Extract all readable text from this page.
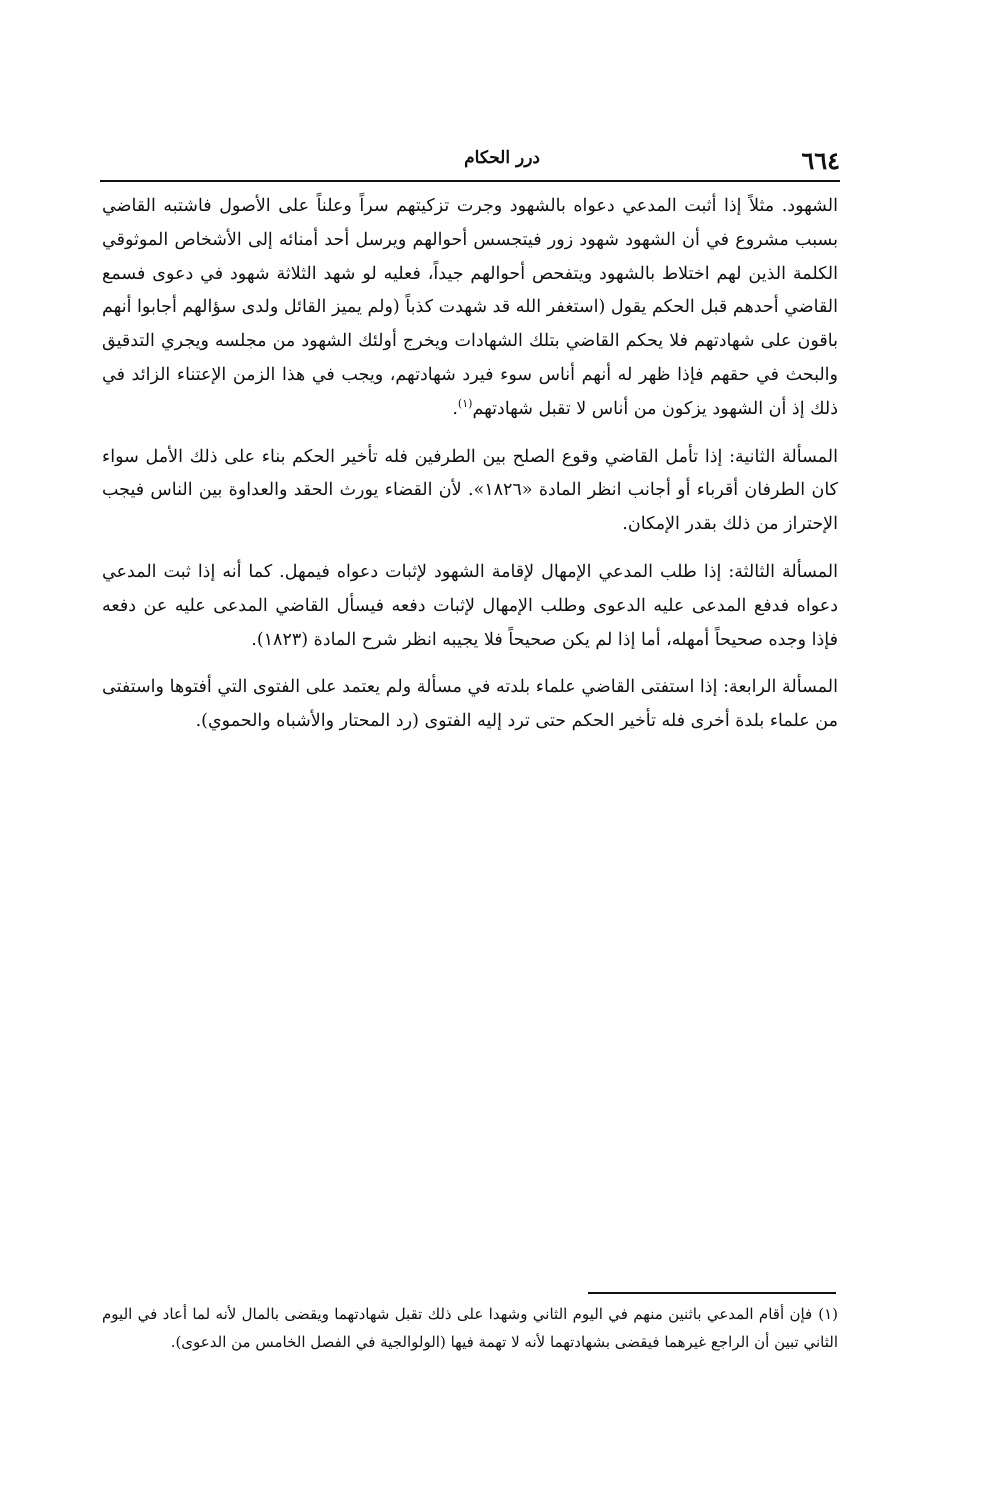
٦٦٤
درر الحكام

الشهود. مثلاً إذا أثبت المدعي دعواه بالشهود وجرت تزكيتهم سراً وعلناً على الأصول فاشتبه القاضي بسبب مشروع في أن الشهود شهود زور فيتجسس أحوالهم ويرسل أحد أمنائه إلى الأشخاص الموثوقي الكلمة الذين لهم اختلاط بالشهود ويتفحص أحوالهم جيداً، فعليه لو شهد الثلاثة شهود في دعوى فسمع القاضي أحدهم قبل الحكم يقول (استغفر الله قد شهدت كذباً (ولم يميز القائل ولدى سؤالهم أجابوا أنهم باقون على شهادتهم فلا يحكم القاضي بتلك الشهادات ويخرج أولئك الشهود من مجلسه ويجري التدقيق والبحث في حقهم فإذا ظهر له أنهم أناس سوء فيرد شهادتهم، ويجب في هذا الزمن الإعتناء الزائد في ذلك إذ أن الشهود يزكون من أناس لا تقبل شهادتهم$^{(١)}$.

المسألة الثانية: إذا تأمل القاضي وقوع الصلح بين الطرفين فله تأخير الحكم بناء على ذلك الأمل سواء كان الطرفان أقرباء أو أجانب انظر المادة «١٨٢٦». لأن القضاء يورث الحقد والعداوة بين الناس فيجب الإحتراز من ذلك بقدر الإمكان.

المسألة الثالثة: إذا طلب المدعي الإمهال لإقامة الشهود لإثبات دعواه فيمهل. كما أنه إذا ثبت المدعي دعواه فدفع المدعى عليه الدعوى وطلب الإمهال لإثبات دفعه فيسأل القاضي المدعى عليه عن دفعه فإذا وجده صحيحاً أمهله، أما إذا لم يكن صحيحاً فلا يجيبه انظر شرح المادة (١٨٢٣).

المسألة الرابعة: إذا استفتى القاضي علماء بلدته في مسألة ولم يعتمد على الفتوى التي أفتوها واستفتى من علماء بلدة أخرى فله تأخير الحكم حتى ترد إليه الفتوى (رد المحتار والأشباه والحموي).

(١)فإن أقام المدعي باثنين منهم في اليوم الثاني وشهدا على ذلك تقبل شهادتهما ويقضى بالمال لأنه لما أعاد في اليوم الثاني تبين أن الراجع غيرهما فيقضى بشهادتهما لأنه لا تهمة فيها (الولوالجية في الفصل الخامس من الدعوى).
